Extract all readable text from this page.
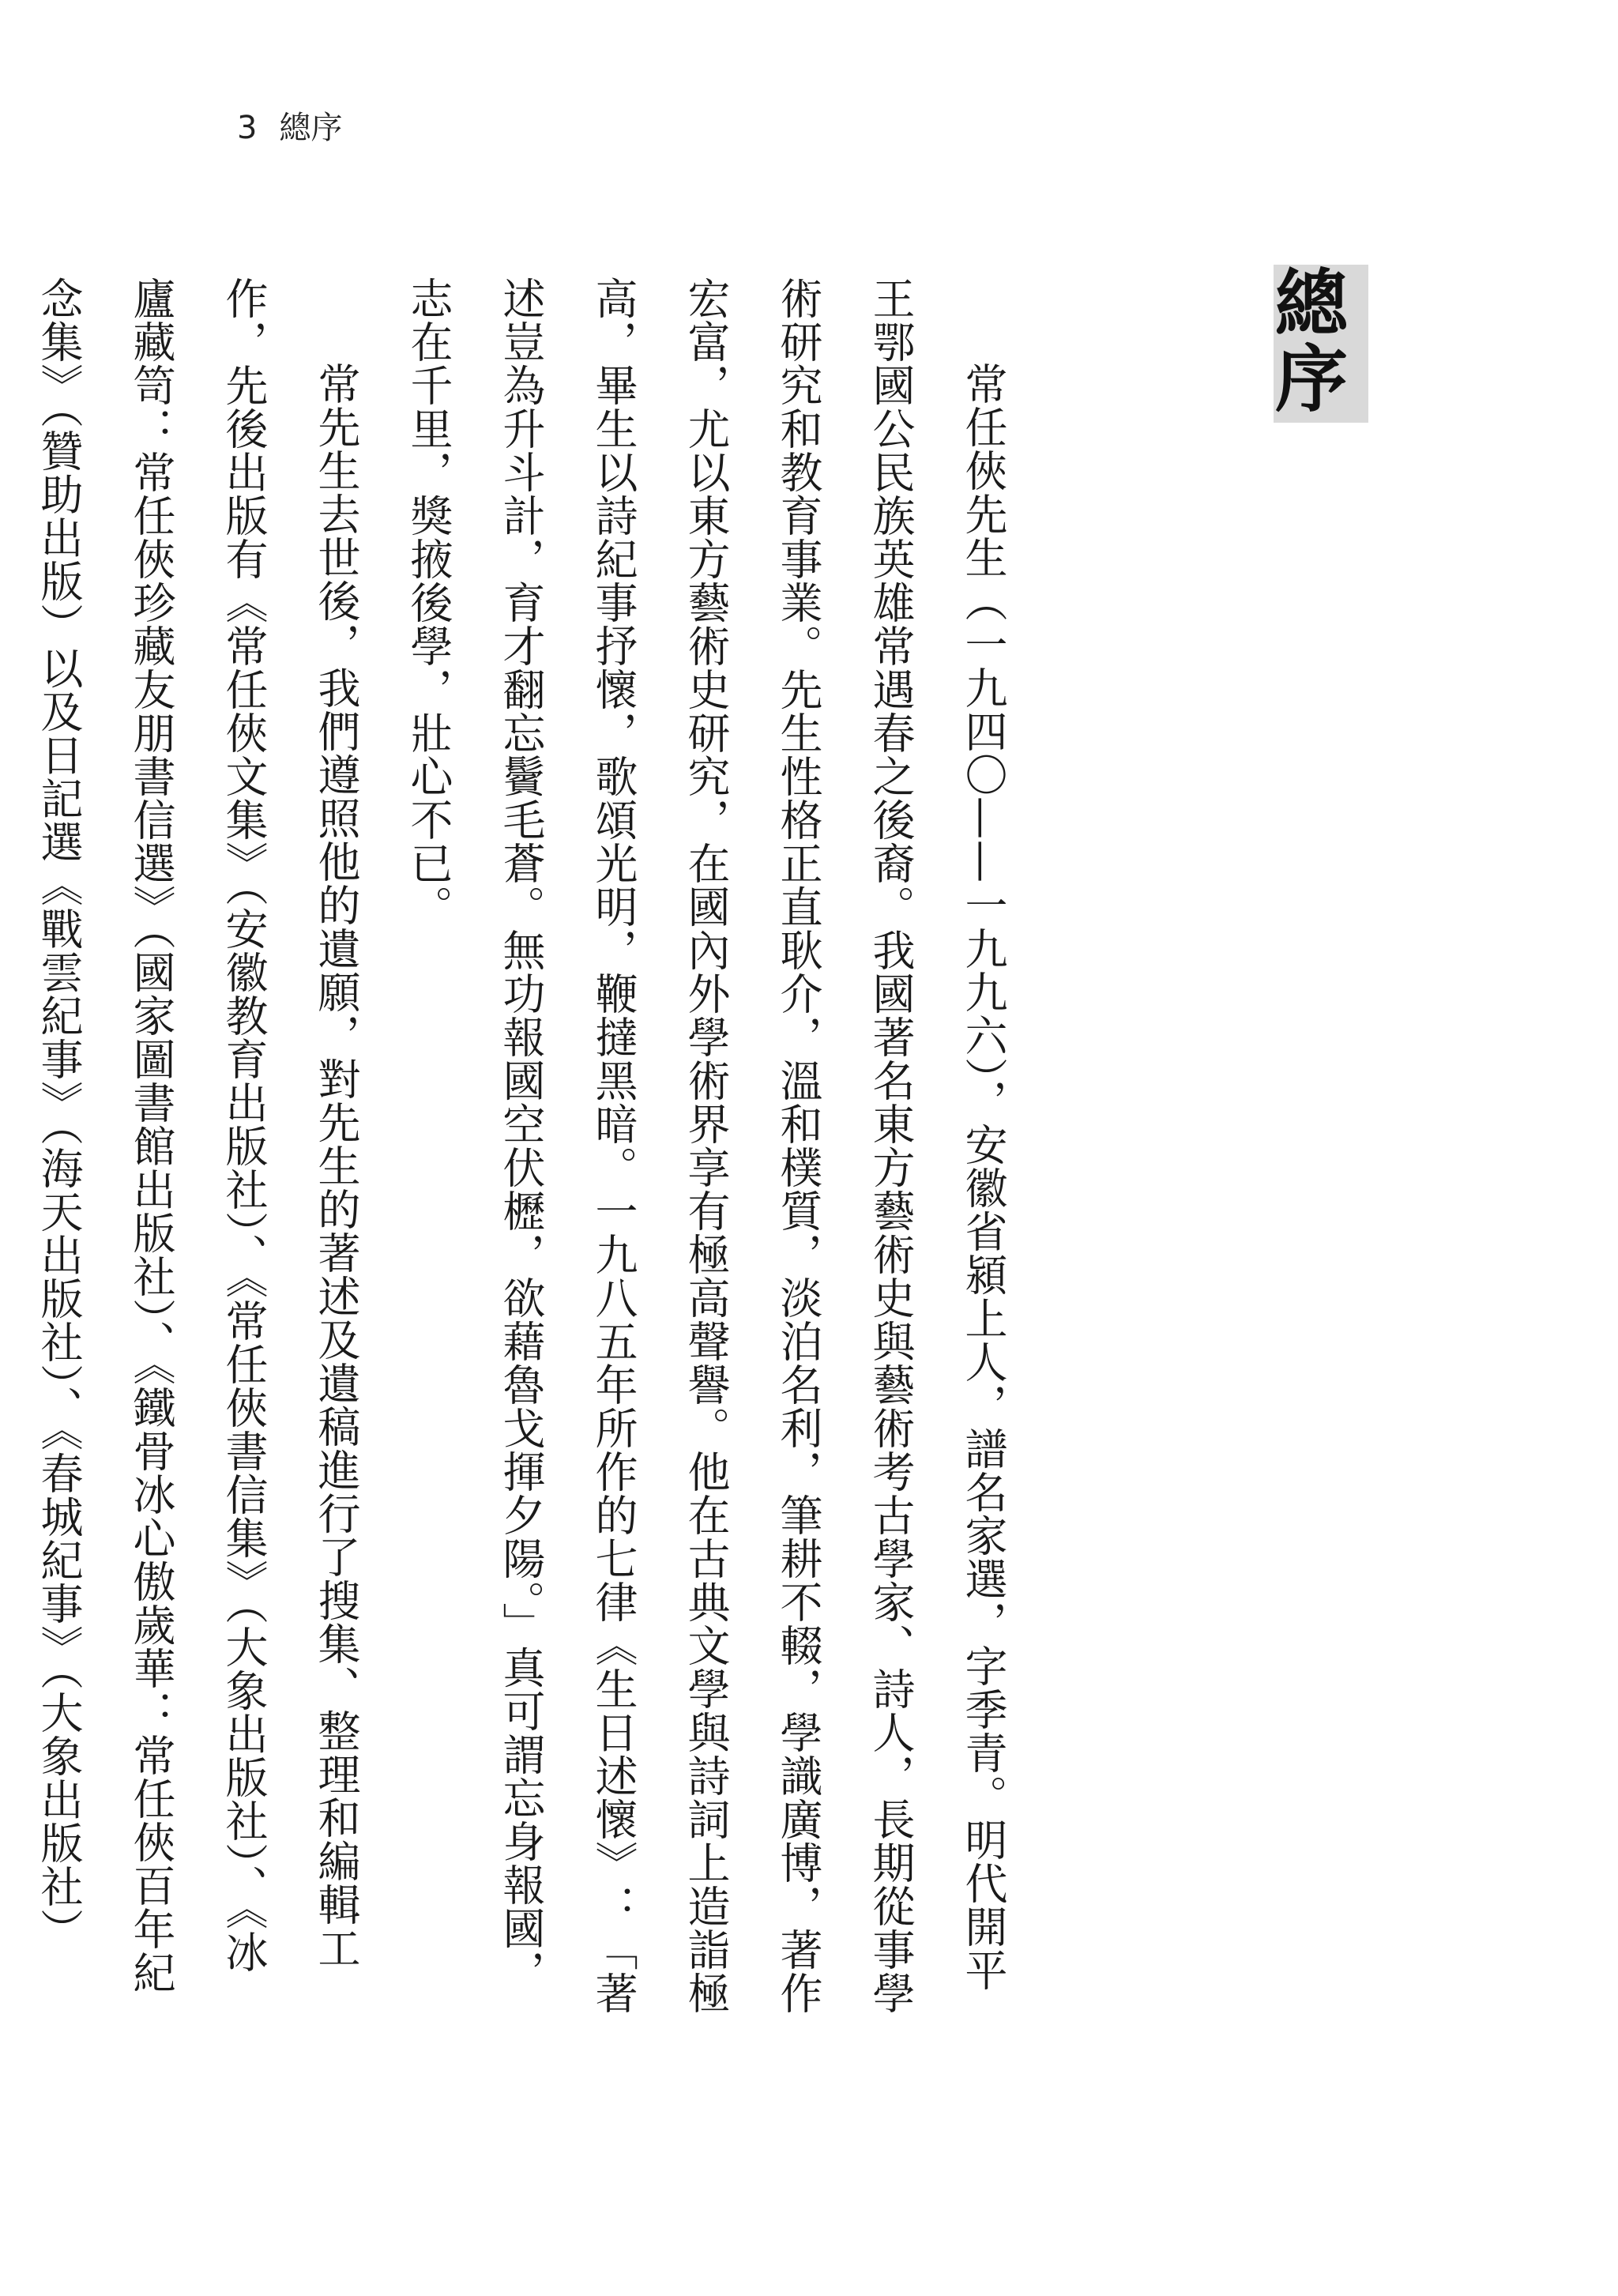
3 總序
總序

常任俠先生（一九四〇——一九九六），安徽省潁上人，譜名家選，字季青。明代開平王鄂國公民族英雄常遇春之後裔。我國著名東方藝術史與藝術考古學家、詩人，長期從事學術研究和教育事業。先生性格正直耿介，溫和樸質，淡泊名利，筆耕不輟，學識廣博，著作宏富，尤以東方藝術史研究，在國內外學術界享有極高聲譽。他在古典文學與詩詞上造詣極高，畢生以詩紀事抒懷，歌頌光明，鞭撻黑暗。一九八五年所作的七律《生日述懷》：「著述豈為升斗計，育才翻忘鬢毛蒼。無功報國空伏櫪，欲藉魯戈揮夕陽。」真可謂忘身報國，志在千里，獎掖後學，壯心不已。

常先生去世後，我們遵照他的遺願，對先生的著述及遺稿進行了搜集、整理和編輯工作，先後出版有《常任俠文集》（安徽教育出版社）、《常任俠書信集》（大象出版社）、《冰廬藏笥：常任俠珍藏友朋書信選》（國家圖書館出版社）、《鐵骨冰心傲歲華：常任俠百年紀念集》（贊助出版）以及日記選《戰雲紀事》（海天出版社）、《春城紀事》（大象出版社）
